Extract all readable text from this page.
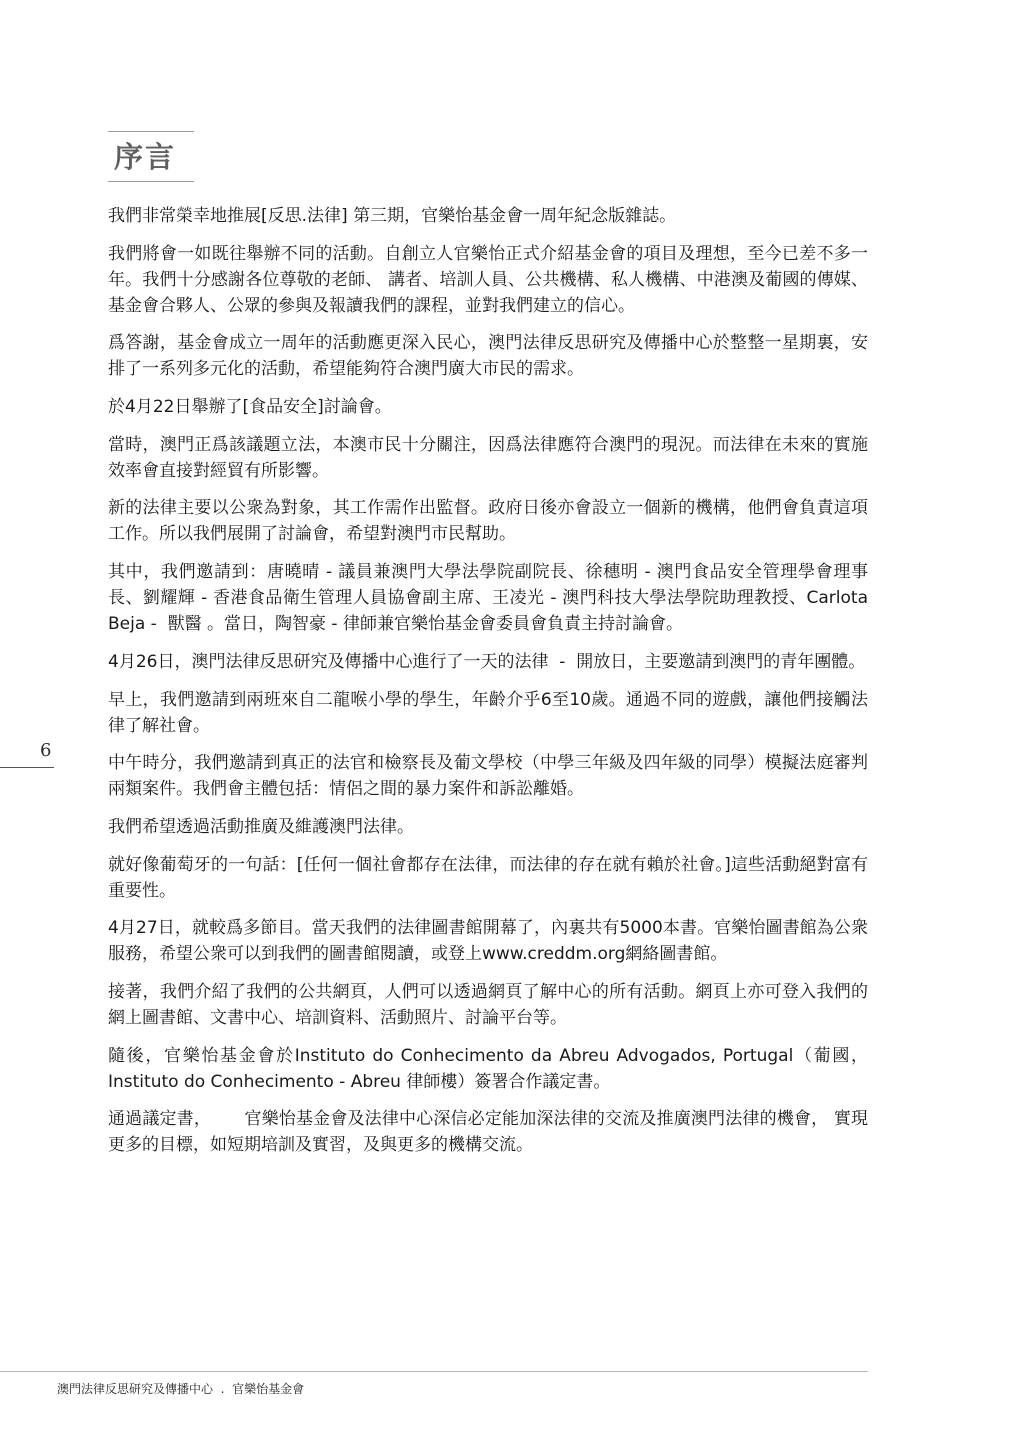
序言

我們非常榮幸地推展[反思.法律] 第三期，官樂怡基金會一周年紀念版雜誌。

我們將會一如既往舉辦不同的活動。自創立人官樂怡正式介紹基金會的項目及理想，至今已差不多一年。我們十分感謝各位尊敬的老師、 講者、培訓人員、公共機構、私人機構、中港澳及葡國的傳媒、 基金會合夥人、公眾的參與及報讀我們的課程，並對我們建立的信心。

爲答謝，基金會成立一周年的活動應更深入民心，澳門法律反思研究及傳播中心於整整一星期裏，安排了一系列多元化的活動，希望能夠符合澳門廣大市民的需求。

於4月22日舉辦了[食品安全]討論會。

當時，澳門正爲該議題立法，本澳市民十分關注，因爲法律應符合澳門的現況。而法律在未來的實施效率會直接對經貿有所影響。

新的法律主要以公衆為對象，其工作需作出監督。政府日後亦會設立一個新的機構，他們會負責這項工作。所以我們展開了討論會，希望對澳門市民幫助。

其中，我們邀請到：唐曉晴 - 議員兼澳門大學法學院副院長、徐穗明 - 澳門食品安全管理學會理事長、劉耀輝 - 香港食品衛生管理人員協會副主席、王凌光 - 澳門科技大學法學院助理教授、Carlota Beja -  獸醫 。當日，陶智豪 - 律師兼官樂怡基金會委員會負責主持討論會。

4月26日，澳門法律反思研究及傳播中心進行了一天的法律  -  開放日，主要邀請到澳門的青年團體。

早上，我們邀請到兩班來自二龍喉小學的學生，年齡介乎6至10歲。通過不同的遊戲，讓他們接觸法律了解社會。

中午時分，我們邀請到真正的法官和檢察長及葡文學校（中學三年級及四年級的同學）模擬法庭審判兩類案件。我們會主體包括：情侶之間的暴力案件和訴訟離婚。

我們希望透過活動推廣及維護澳門法律。

就好像葡萄牙的一句話：[任何一個社會都存在法律，而法律的存在就有賴於社會。]這些活動絕對富有重要性。

4月27日，就較爲多節目。當天我們的法律圖書館開幕了，內裏共有5000本書。官樂怡圖書館為公衆服務，希望公衆可以到我們的圖書館閱讀，或登上www.creddm.org網絡圖書館。

接著，我們介紹了我們的公共網頁，人們可以透過網頁了解中心的所有活動。網頁上亦可登入我們的網上圖書館、文書中心、培訓資料、活動照片、討論平台等。

隨後，官樂怡基金會於Instituto do Conhecimento da Abreu Advogados, Portugal（葡國，Instituto do Conhecimento - Abreu 律師樓）簽署合作議定書。

通過議定書，      官樂怡基金會及法律中心深信必定能加深法律的交流及推廣澳門法律的機會， 實現更多的目標，如短期培訓及實習，及與更多的機構交流。

6
澳門法律反思研究及傳播中心  .  官樂怡基金會
